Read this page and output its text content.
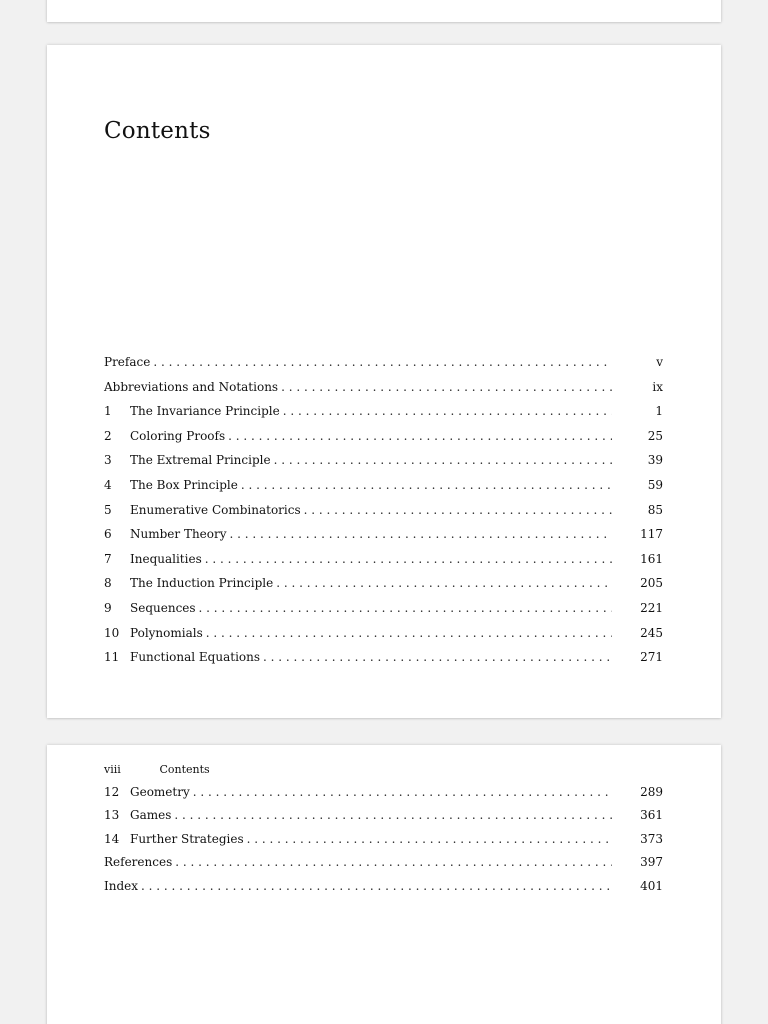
Contents
Preface . . .	v
Abbreviations and Notations . . .	ix
1	The Invariance Principle . . .	1
2	Coloring Proofs . . .	25
3	The Extremal Principle . . .	39
4	The Box Principle . . .	59
5	Enumerative Combinatorics . . .	85
6	Number Theory . . .	117
7	Inequalities . . .	161
8	The Induction Principle . . .	205
9	Sequences . . .	221
10 Polynomials . . .	245
11 Functional Equations . . .	271
viii	Contents
12 Geometry . . .	289
13 Games . . .	361
14 Further Strategies . . .	373
References . . .	397
Index . . .	401
